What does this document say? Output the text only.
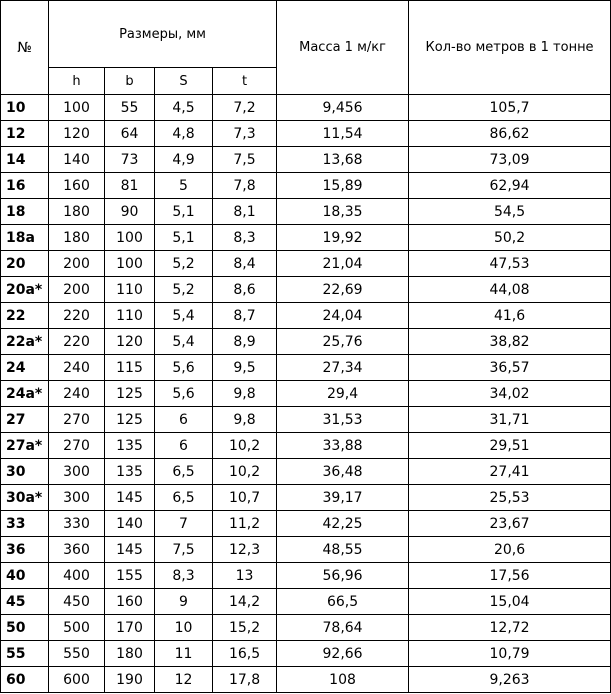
№	Размеры, мм				Масса 1 м/кг	Кол-во метров в 1 тонне
	h	b	S	t		
10	100	55	4,5	7,2	9,456	105,7
12	120	64	4,8	7,3	11,54	86,62
14	140	73	4,9	7,5	13,68	73,09
16	160	81	5	7,8	15,89	62,94
18	180	90	5,1	8,1	18,35	54,5
18а	180	100	5,1	8,3	19,92	50,2
20	200	100	5,2	8,4	21,04	47,53
20а*	200	110	5,2	8,6	22,69	44,08
22	220	110	5,4	8,7	24,04	41,6
22а*	220	120	5,4	8,9	25,76	38,82
24	240	115	5,6	9,5	27,34	36,57
24а*	240	125	5,6	9,8	29,4	34,02
27	270	125	6	9,8	31,53	31,71
27а*	270	135	6	10,2	33,88	29,51
30	300	135	6,5	10,2	36,48	27,41
30а*	300	145	6,5	10,7	39,17	25,53
33	330	140	7	11,2	42,25	23,67
36	360	145	7,5	12,3	48,55	20,6
40	400	155	8,3	13	56,96	17,56
45	450	160	9	14,2	66,5	15,04
50	500	170	10	15,2	78,64	12,72
55	550	180	11	16,5	92,66	10,79
60	600	190	12	17,8	108	9,263
